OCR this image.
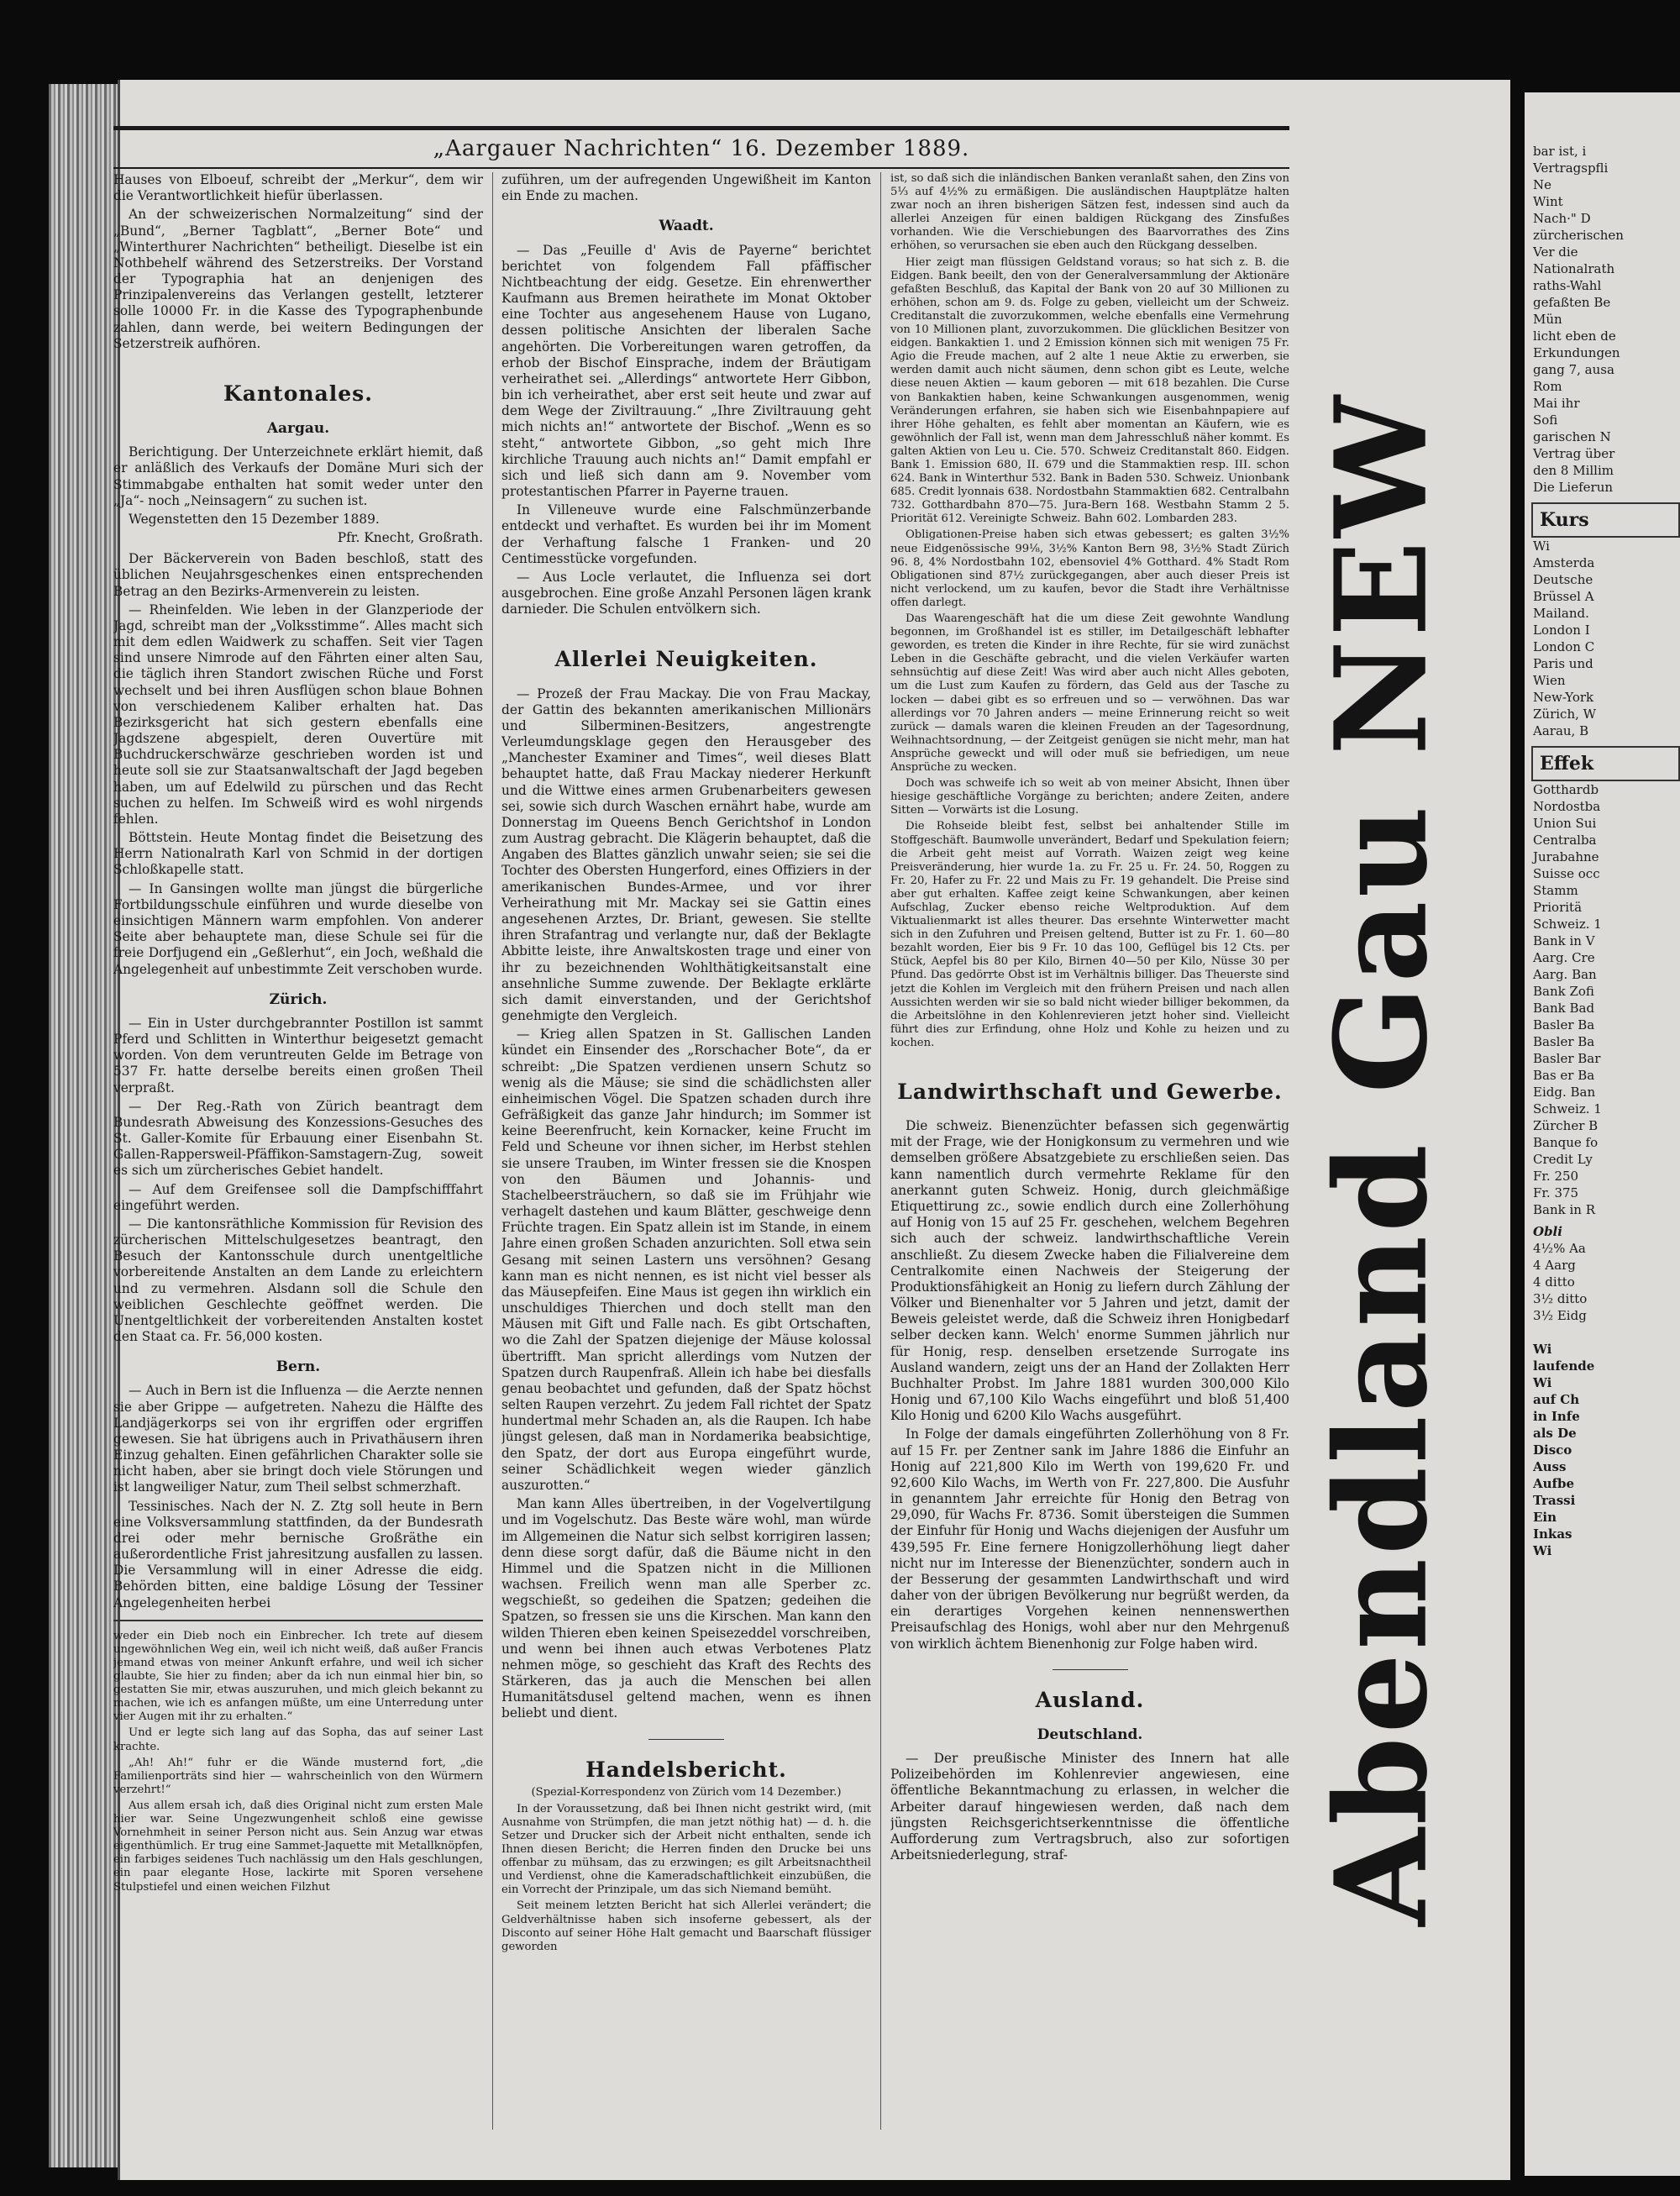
bar ist, i
Vertragspfli
Ne
Wint
Nach·" D
zürcherischen
Ver die
Nationalrath
raths-Wahl
gefaßten Be
Mün
licht eben de
Erkundungen
gang 7, ausa
Rom
Mai ihr
Sofi
garischen N
Vertrag über
den 8 Millim
Die Lieferun
Kurs
Wi
Amsterda
Deutsche
Brüssel A
Mailand.
London I
London C
Paris und
Wien
New-York
Zürich, W
Aarau, B
Effek
Gotthardb
Nordostba
Union Sui
Centralba
Jurabahne
Suisse occ
Stamm
Prioritä
Schweiz. 1
Bank in V
Aarg. Cre
Aarg. Ban
Bank Zofi
Bank Bad
Basler Ba
Basler Ba
Basler Bar
Bas er Ba
Eidg. Ban
Schweiz. 1
Zürcher B
Banque fo
Credit Ly
Fr. 250
Fr. 375
Bank in R
Obli
4½% Aa
4 Aarg
4 ditto
3½ ditto
3½ Eidg
Wi
laufende
Wi
auf Ch
in Infe
als De
Disco
Auss
Aufbe
Trassi
Ein
Inkas
Wi
Abendland Gau NEW
„Aargauer Nachrichten“ 16. Dezember 1889.

Hauses von Elboeuf, schreibt der „Merkur“, dem wir die Verantwortlichkeit hiefür überlassen.

An der schweizerischen Normalzeitung“ sind der „Bund“, „Berner Tagblatt“, „Berner Bote“ und „Winterthurer Nachrichten“ betheiligt. Dieselbe ist ein Nothbehelf während des Setzerstreiks. Der Vorstand der Typographia hat an denjenigen des Prinzipalenvereins das Verlangen gestellt, letzterer solle 10000 Fr. in die Kasse des Typographenbunde zahlen, dann werde, bei weitern Bedingungen der Setzerstreik aufhören.

Kantonales.
Aargau.

Berichtigung. Der Unterzeichnete erklärt hiemit, daß er anläßlich des Verkaufs der Domäne Muri sich der Stimmabgabe enthalten hat somit weder unter den „Ja“- noch „Neinsagern“ zu suchen ist.

Wegenstetten den 15 Dezember 1889.

Pfr. Knecht, Großrath.

Der Bäckerverein von Baden beschloß, statt des üblichen Neujahrsgeschenkes einen entsprechenden Betrag an den Bezirks-Armenverein zu leisten.

— Rheinfelden. Wie leben in der Glanzperiode der Jagd, schreibt man der „Volksstimme“. Alles macht sich mit dem edlen Waidwerk zu schaffen. Seit vier Tagen sind unsere Nimrode auf den Fährten einer alten Sau, die täglich ihren Standort zwischen Rüche und Forst wechselt und bei ihren Ausflügen schon blaue Bohnen von verschiedenem Kaliber erhalten hat. Das Bezirksgericht hat sich gestern ebenfalls eine Jagdszene abgespielt, deren Ouvertüre mit Buchdruckerschwärze geschrieben worden ist und heute soll sie zur Staatsanwaltschaft der Jagd begeben haben, um auf Edelwild zu pürschen und das Recht suchen zu helfen. Im Schweiß wird es wohl nirgends fehlen.

Böttstein. Heute Montag findet die Beisetzung des Herrn Nationalrath Karl von Schmid in der dortigen Schloßkapelle statt.

— In Gansingen wollte man jüngst die bürgerliche Fortbildungsschule einführen und wurde dieselbe von einsichtigen Männern warm empfohlen. Von anderer Seite aber behauptete man, diese Schule sei für die freie Dorfjugend ein „Geßlerhut“, ein Joch, weßhald die Angelegenheit auf unbestimmte Zeit verschoben wurde.

Zürich.

— Ein in Uster durchgebrannter Postillon ist sammt Pferd und Schlitten in Winterthur beigesetzt gemacht worden. Von dem veruntreuten Gelde im Betrage von 537 Fr. hatte derselbe bereits einen großen Theil verpraßt.

— Der Reg.-Rath von Zürich beantragt dem Bundesrath Abweisung des Konzessions-Gesuches des St. Galler-Komite für Erbauung einer Eisenbahn St. Gallen-Rappersweil-Pfäffikon-Samstagern-Zug, soweit es sich um zürcherisches Gebiet handelt.

— Auf dem Greifensee soll die Dampfschifffahrt eingeführt werden.

— Die kantonsräthliche Kommission für Revision des zürcherischen Mittelschulgesetzes beantragt, den Besuch der Kantonsschule durch unentgeltliche vorbereitende Anstalten an dem Lande zu erleichtern und zu vermehren. Alsdann soll die Schule den weiblichen Geschlechte geöffnet werden. Die Unentgeltlichkeit der vorbereitenden Anstalten kostet den Staat ca. Fr. 56,000 kosten.

Bern.

— Auch in Bern ist die Influenza — die Aerzte nennen sie aber Grippe — aufgetreten. Nahezu die Hälfte des Landjägerkorps sei von ihr ergriffen oder ergriffen gewesen. Sie hat übrigens auch in Privathäusern ihren Einzug gehalten. Einen gefährlichen Charakter solle sie nicht haben, aber sie bringt doch viele Störungen und ist langweiliger Natur, zum Theil selbst schmerzhaft.

Tessinisches. Nach der N. Z. Ztg soll heute in Bern eine Volksversammlung stattfinden, da der Bundesrath drei oder mehr bernische Großräthe ein außerordentliche Frist jahresitzung ausfallen zu lassen. Die Versammlung will in einer Adresse die eidg. Behörden bitten, eine baldige Lösung der Tessiner Angelegenheiten herbei

weder ein Dieb noch ein Einbrecher. Ich trete auf diesem ungewöhnlichen Weg ein, weil ich nicht weiß, daß außer Francis jemand etwas von meiner Ankunft erfahre, und weil ich sicher glaubte, Sie hier zu finden; aber da ich nun einmal hier bin, so gestatten Sie mir, etwas auszuruhen, und mich gleich bekannt zu machen, wie ich es anfangen müßte, um eine Unterredung unter vier Augen mit ihr zu erhalten.“

Und er legte sich lang auf das Sopha, das auf seiner Last krachte.

„Ah! Ah!“ fuhr er die Wände musternd fort, „die Familienporträts sind hier — wahrscheinlich von den Würmern verzehrt!“

Aus allem ersah ich, daß dies Original nicht zum ersten Male hier war. Seine Ungezwungenheit schloß eine gewisse Vornehmheit in seiner Person nicht aus. Sein Anzug war etwas eigenthümlich. Er trug eine Sammet-Jaquette mit Metallknöpfen, ein farbiges seidenes Tuch nachlässig um den Hals geschlungen, ein paar elegante Hose, lackirte mit Sporen versehene Stulpstiefel und einen weichen Filzhut

zuführen, um der aufregenden Ungewißheit im Kanton ein Ende zu machen.

Waadt.

— Das „Feuille d' Avis de Payerne“ berichtet berichtet von folgendem Fall pfäffischer Nichtbeachtung der eidg. Gesetze. Ein ehrenwerther Kaufmann aus Bremen heirathete im Monat Oktober eine Tochter aus angesehenem Hause von Lugano, dessen politische Ansichten der liberalen Sache angehörten. Die Vorbereitungen waren getroffen, da erhob der Bischof Einsprache, indem der Bräutigam verheirathet sei. „Allerdings“ antwortete Herr Gibbon, bin ich verheirathet, aber erst seit heute und zwar auf dem Wege der Ziviltrauung.“ „Ihre Ziviltrauung geht mich nichts an!“ antwortete der Bischof. „Wenn es so steht,“ antwortete Gibbon, „so geht mich Ihre kirchliche Trauung auch nichts an!“ Damit empfahl er sich und ließ sich dann am 9. November vom protestantischen Pfarrer in Payerne trauen.

In Villeneuve wurde eine Falschmünzerbande entdeckt und verhaftet. Es wurden bei ihr im Moment der Verhaftung falsche 1 Franken- und 20 Centimesstücke vorgefunden.

— Aus Locle verlautet, die Influenza sei dort ausgebrochen. Eine große Anzahl Personen lägen krank darnieder. Die Schulen entvölkern sich.

Allerlei Neuigkeiten.

— Prozeß der Frau Mackay. Die von Frau Mackay, der Gattin des bekannten amerikanischen Millionärs und Silberminen-Besitzers, angestrengte Verleumdungsklage gegen den Herausgeber des „Manchester Examiner and Times“, weil dieses Blatt behauptet hatte, daß Frau Mackay niederer Herkunft und die Wittwe eines armen Grubenarbeiters gewesen sei, sowie sich durch Waschen ernährt habe, wurde am Donnerstag im Queens Bench Gerichtshof in London zum Austrag gebracht. Die Klägerin behauptet, daß die Angaben des Blattes gänzlich unwahr seien; sie sei die Tochter des Obersten Hungerford, eines Offiziers in der amerikanischen Bundes-Armee, und vor ihrer Verheirathung mit Mr. Mackay sei sie Gattin eines angesehenen Arztes, Dr. Briant, gewesen. Sie stellte ihren Strafantrag und verlangte nur, daß der Beklagte Abbitte leiste, ihre Anwaltskosten trage und einer von ihr zu bezeichnenden Wohlthätigkeitsanstalt eine ansehnliche Summe zuwende. Der Beklagte erklärte sich damit einverstanden, und der Gerichtshof genehmigte den Vergleich.

— Krieg allen Spatzen in St. Gallischen Landen kündet ein Einsender des „Rorschacher Bote“, da er schreibt: „Die Spatzen verdienen unsern Schutz so wenig als die Mäuse; sie sind die schädlichsten aller einheimischen Vögel. Die Spatzen schaden durch ihre Gefräßigkeit das ganze Jahr hindurch; im Sommer ist keine Beerenfrucht, kein Kornacker, keine Frucht im Feld und Scheune vor ihnen sicher, im Herbst stehlen sie unsere Trauben, im Winter fressen sie die Knospen von den Bäumen und Johannis- und Stachelbeersträuchern, so daß sie im Frühjahr wie verhagelt dastehen und kaum Blätter, geschweige denn Früchte tragen. Ein Spatz allein ist im Stande, in einem Jahre einen großen Schaden anzurichten. Soll etwa sein Gesang mit seinen Lastern uns versöhnen? Gesang kann man es nicht nennen, es ist nicht viel besser als das Mäusepfeifen. Eine Maus ist gegen ihn wirklich ein unschuldiges Thierchen und doch stellt man den Mäusen mit Gift und Falle nach. Es gibt Ortschaften, wo die Zahl der Spatzen diejenige der Mäuse kolossal übertrifft. Man spricht allerdings vom Nutzen der Spatzen durch Raupenfraß. Allein ich habe bei diesfalls genau beobachtet und gefunden, daß der Spatz höchst selten Raupen verzehrt. Zu jedem Fall richtet der Spatz hundertmal mehr Schaden an, als die Raupen. Ich habe jüngst gelesen, daß man in Nordamerika beabsichtige, den Spatz, der dort aus Europa eingeführt wurde, seiner Schädlichkeit wegen wieder gänzlich auszurotten.“

Man kann Alles übertreiben, in der Vogelvertilgung und im Vogelschutz. Das Beste wäre wohl, man würde im Allgemeinen die Natur sich selbst korrigiren lassen; denn diese sorgt dafür, daß die Bäume nicht in den Himmel und die Spatzen nicht in die Millionen wachsen. Freilich wenn man alle Sperber zc. wegschießt, so gedeihen die Spatzen; gedeihen die Spatzen, so fressen sie uns die Kirschen. Man kann den wilden Thieren eben keinen Speisezeddel vorschreiben, und wenn bei ihnen auch etwas Verbotenes Platz nehmen möge, so geschieht das Kraft des Rechts des Stärkeren, das ja auch die Menschen bei allen Humanitätsdusel geltend machen, wenn es ihnen beliebt und dient.

Handelsbericht.
(Spezial-Korrespondenz von Zürich vom 14 Dezember.)

In der Voraussetzung, daß bei Ihnen nicht gestrikt wird, (mit Ausnahme von Strümpfen, die man jetzt nöthig hat) — d. h. die Setzer und Drucker sich der Arbeit nicht enthalten, sende ich Ihnen diesen Bericht; die Herren finden den Drucke bei uns offenbar zu mühsam, das zu erzwingen; es gilt Arbeitsnachtheil und Verdienst, ohne die Kameradschaftlichkeit einzubüßen, die ein Vorrecht der Prinzipale, um das sich Niemand bemüht.

Seit meinem letzten Bericht hat sich Allerlei verändert; die Geldverhältnisse haben sich insoferne gebessert, als der Disconto auf seiner Höhe Halt gemacht und Baarschaft flüssiger geworden

ist, so daß sich die inländischen Banken veranlaßt sahen, den Zins von 5⅓ auf 4½% zu ermäßigen. Die ausländischen Hauptplätze halten zwar noch an ihren bisherigen Sätzen fest, indessen sind auch da allerlei Anzeigen für einen baldigen Rückgang des Zinsfußes vorhanden. Wie die Verschiebungen des Baarvorrathes des Zins erhöhen, so verursachen sie eben auch den Rückgang desselben.

Hier zeigt man flüssigen Geldstand voraus; so hat sich z. B. die Eidgen. Bank beeilt, den von der Generalversammlung der Aktionäre gefaßten Beschluß, das Kapital der Bank von 20 auf 30 Millionen zu erhöhen, schon am 9. ds. Folge zu geben, vielleicht um der Schweiz. Creditanstalt die zuvorzukommen, welche ebenfalls eine Vermehrung von 10 Millionen plant, zuvorzukommen. Die glücklichen Besitzer von eidgen. Bankaktien 1. und 2 Emission können sich mit wenigen 75 Fr. Agio die Freude machen, auf 2 alte 1 neue Aktie zu erwerben, sie werden damit auch nicht säumen, denn schon gibt es Leute, welche diese neuen Aktien — kaum geboren — mit 618 bezahlen. Die Curse von Bankaktien haben, keine Schwankungen ausgenommen, wenig Veränderungen erfahren, sie haben sich wie Eisenbahnpapiere auf ihrer Höhe gehalten, es fehlt aber momentan an Käufern, wie es gewöhnlich der Fall ist, wenn man dem Jahresschluß näher kommt. Es galten Aktien von Leu u. Cie. 570. Schweiz Creditanstalt 860. Eidgen. Bank 1. Emission 680, II. 679 und die Stammaktien resp. III. schon 624. Bank in Winterthur 532. Bank in Baden 530. Schweiz. Unionbank 685. Credit lyonnais 638. Nordostbahn Stammaktien 682. Centralbahn 732. Gotthardbahn 870—75. Jura-Bern 168. Westbahn Stamm 2 5. Priorität 612. Vereinigte Schweiz. Bahn 602. Lombarden 283.

Obligationen-Preise haben sich etwas gebessert; es galten 3½% neue Eidgenössische 99⅛, 3½% Kanton Bern 98, 3½% Stadt Zürich 96. 8, 4% Nordostbahn 102, ebensoviel 4% Gotthard. 4% Stadt Rom Obligationen sind 87½ zurückgegangen, aber auch dieser Preis ist nicht verlockend, um zu kaufen, bevor die Stadt ihre Verhältnisse offen darlegt.

Das Waarengeschäft hat die um diese Zeit gewohnte Wandlung begonnen, im Großhandel ist es stiller, im Detailgeschäft lebhafter geworden, es treten die Kinder in ihre Rechte, für sie wird zunächst Leben in die Geschäfte gebracht, und die vielen Verkäufer warten sehnsüchtig auf diese Zeit! Was wird aber auch nicht Alles geboten, um die Lust zum Kaufen zu fördern, das Geld aus der Tasche zu locken — dabei gibt es so erfreuen und so — verwöhnen. Das war allerdings vor 70 Jahren anders — meine Erinnerung reicht so weit zurück — damals waren die kleinen Freuden an der Tagesordnung, Weihnachtsordnung, — der Zeitgeist genügen sie nicht mehr, man hat Ansprüche geweckt und will oder muß sie befriedigen, um neue Ansprüche zu wecken.

Doch was schweife ich so weit ab von meiner Absicht, Ihnen über hiesige geschäftliche Vorgänge zu berichten; andere Zeiten, andere Sitten — Vorwärts ist die Losung.

Die Rohseide bleibt fest, selbst bei anhaltender Stille im Stoffgeschäft. Baumwolle unverändert, Bedarf und Spekulation feiern; die Arbeit geht meist auf Vorrath. Waizen zeigt weg keine Preisveränderung, hier wurde 1a. zu Fr. 25 u. Fr. 24. 50, Roggen zu Fr. 20, Hafer zu Fr. 22 und Mais zu Fr. 19 gehandelt. Die Preise sind aber gut erhalten. Kaffee zeigt keine Schwankungen, aber keinen Aufschlag, Zucker ebenso reiche Weltproduktion. Auf dem Viktualienmarkt ist alles theurer. Das ersehnte Winterwetter macht sich in den Zufuhren und Preisen geltend, Butter ist zu Fr. 1. 60—80 bezahlt worden, Eier bis 9 Fr. 10 das 100, Geflügel bis 12 Cts. per Stück, Aepfel bis 80 per Kilo, Birnen 40—50 per Kilo, Nüsse 30 per Pfund. Das gedörrte Obst ist im Verhältnis billiger. Das Theuerste sind jetzt die Kohlen im Vergleich mit den frühern Preisen und nach allen Aussichten werden wir sie so bald nicht wieder billiger bekommen, da die Arbeitslöhne in den Kohlenrevieren jetzt hoher sind. Vielleicht führt dies zur Erfindung, ohne Holz und Kohle zu heizen und zu kochen.

Landwirthschaft und Gewerbe.

Die schweiz. Bienenzüchter befassen sich gegenwärtig mit der Frage, wie der Honigkonsum zu vermehren und wie demselben größere Absatzgebiete zu erschließen seien. Das kann namentlich durch vermehrte Reklame für den anerkannt guten Schweiz. Honig, durch gleichmäßige Etiquettirung zc., sowie endlich durch eine Zollerhöhung auf Honig von 15 auf 25 Fr. geschehen, welchem Begehren sich auch der schweiz. landwirthschaftliche Verein anschließt. Zu diesem Zwecke haben die Filialvereine dem Centralkomite einen Nachweis der Steigerung der Produktionsfähigkeit an Honig zu liefern durch Zählung der Völker und Bienenhalter vor 5 Jahren und jetzt, damit der Beweis geleistet werde, daß die Schweiz ihren Honigbedarf selber decken kann. Welch' enorme Summen jährlich nur für Honig, resp. denselben ersetzende Surrogate ins Ausland wandern, zeigt uns der an Hand der Zollakten Herr Buchhalter Probst. Im Jahre 1881 wurden 300,000 Kilo Honig und 67,100 Kilo Wachs eingeführt und bloß 51,400 Kilo Honig und 6200 Kilo Wachs ausgeführt.

In Folge der damals eingeführten Zollerhöhung von 8 Fr. auf 15 Fr. per Zentner sank im Jahre 1886 die Einfuhr an Honig auf 221,800 Kilo im Werth von 199,620 Fr. und 92,600 Kilo Wachs, im Werth von Fr. 227,800. Die Ausfuhr in genanntem Jahr erreichte für Honig den Betrag von 29,090, für Wachs Fr. 8736. Somit übersteigen die Summen der Einfuhr für Honig und Wachs diejenigen der Ausfuhr um 439,595 Fr. Eine fernere Honigzollerhöhung liegt daher nicht nur im Interesse der Bienenzüchter, sondern auch in der Besserung der gesammten Landwirthschaft und wird daher von der übrigen Bevölkerung nur begrüßt werden, da ein derartiges Vorgehen keinen nennenswerthen Preisaufschlag des Honigs, wohl aber nur den Mehrgenuß von wirklich ächtem Bienenhonig zur Folge haben wird.

Ausland.
Deutschland.

— Der preußische Minister des Innern hat alle Polizeibehörden im Kohlenrevier angewiesen, eine öffentliche Bekanntmachung zu erlassen, in welcher die Arbeiter darauf hingewiesen werden, daß nach dem jüngsten Reichsgerichtserkenntnisse die öffentliche Aufforderung zum Vertragsbruch, also zur sofortigen Arbeitsniederlegung, straf-
